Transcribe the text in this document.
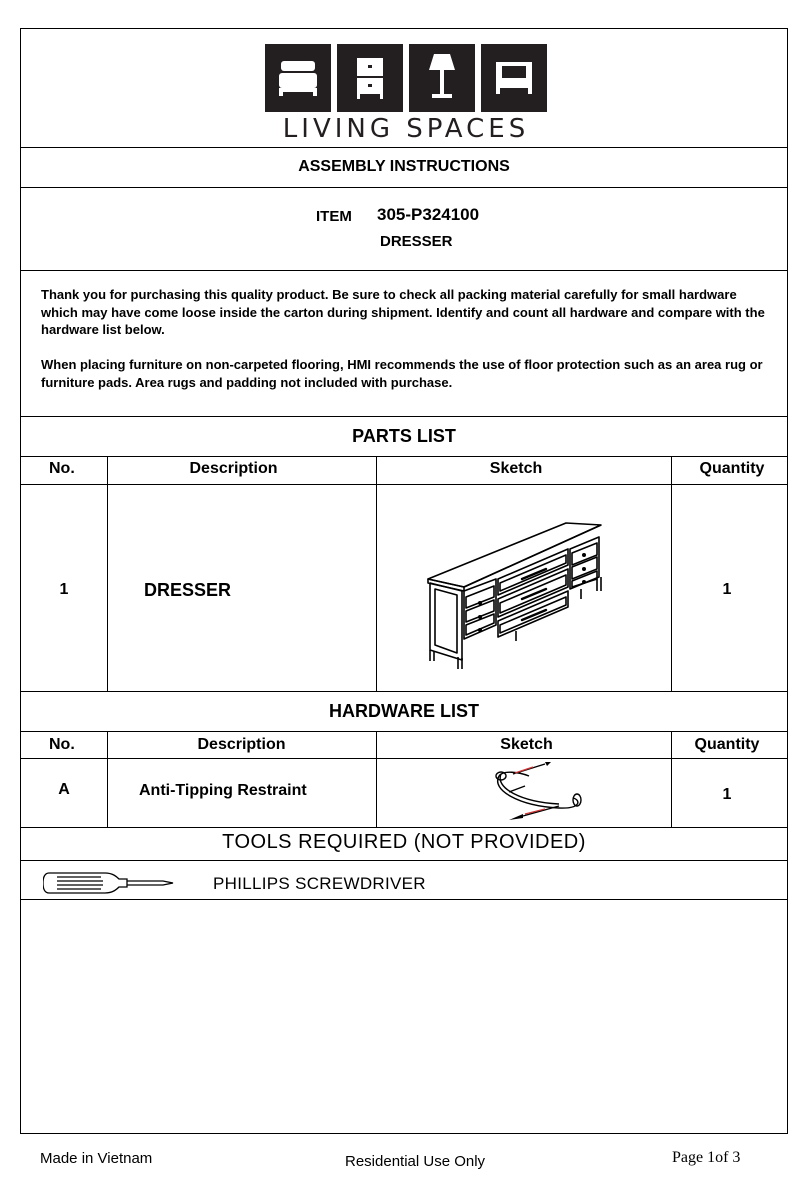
LIVING SPACES
ASSEMBLY INSTRUCTIONS
ITEM 305-P324100
DRESSER
Thank you for purchasing this quality product. Be sure to check all packing material carefully for small hardware which may have come loose inside the carton during shipment. Identify and count all hardware and compare with the hardware list below.
When placing furniture on non-carpeted flooring, HMI recommends the use of floor protection such as an area rug or furniture pads. Area rugs and padding not included with purchase.
PARTS LIST
No.	Description	Sketch	Quantity
1	DRESSER	1
HARDWARE LIST
No.	Description	Sketch	Quantity
A	Anti-Tipping Restraint	1
TOOLS REQUIRED (NOT PROVIDED)
PHILLIPS SCREWDRIVER
Made in Vietnam	Residential Use Only	Page 1of 3
